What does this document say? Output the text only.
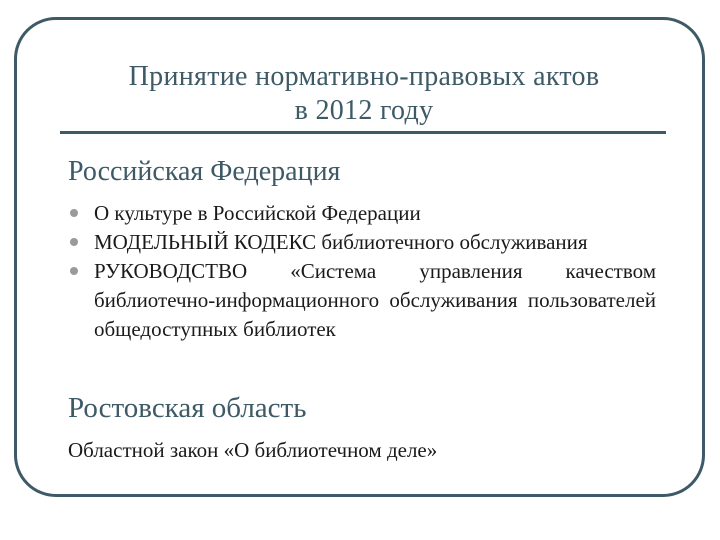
Принятие нормативно-правовых актов
в 2012 году
Российская Федерация
О культуре в Российской Федерации
МОДЕЛЬНЫЙ КОДЕКС библиотечного обслуживания
РУКОВОДСТВО «Система управления качеством библиотечно-информационного обслуживания пользователей общедоступных библиотек
Ростовская область
Областной закон «О библиотечном деле»
